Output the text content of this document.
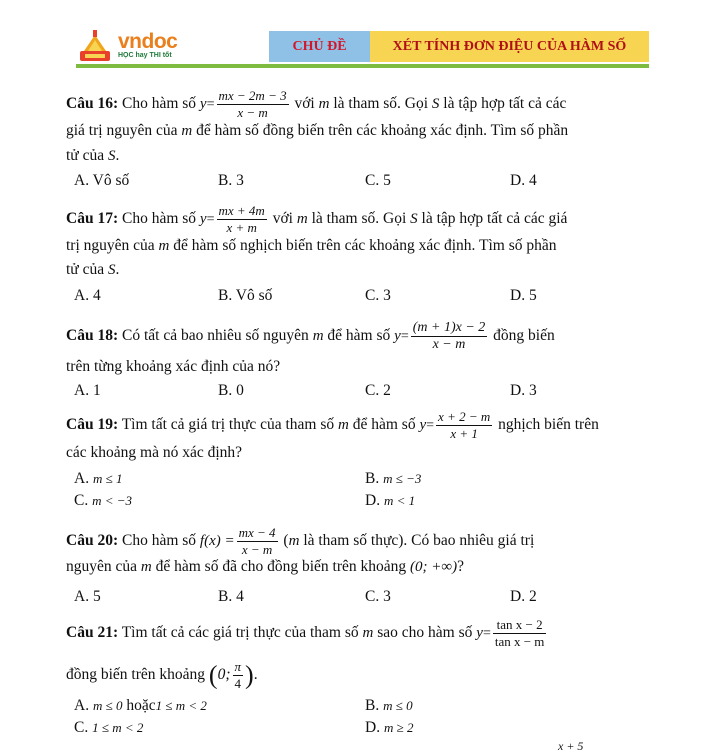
vndoc
HỌC hay THI tốt
CHỦ ĐỀ	XÉT TÍNH ĐƠN ĐIỆU CỦA HÀM SỐ
Câu 16: Cho hàm số $y= \frac{mx - 2m - 3}{x - m}$ với m là tham số. Gọi S là tập hợp tất cả các
giá trị nguyên của m để hàm số đồng biến trên các khoảng xác định. Tìm số phần
tử của S.
A. Vô số	B. 3	C. 5	D. 4
Câu 17: Cho hàm số $y= \frac{mx + 4m}{x + m}$ với m là tham số. Gọi S là tập hợp tất cả các giá
trị nguyên của m để hàm số nghịch biến trên các khoảng xác định. Tìm số phần
tử của S.
A. 4	B. Vô số	C. 3	D. 5
Câu 18: Có tất cả bao nhiêu số nguyên m để hàm số $y= \frac{(m + 1)x - 2}{x - m}$ đồng biến
trên từng khoảng xác định của nó?
A. 1	B. 0	C. 2	D. 3
Câu 19: Tìm tất cả giá trị thực của tham số m để hàm số $y= \frac{x + 2 - m}{x + 1}$ nghịch biến trên
các khoảng mà nó xác định?
A. m ≤ 1	B. m ≤ −3
C. m < −3	D. m < 1
Câu 20: Cho hàm số $f(x) = \frac{mx - 4}{x - m} (m$ là tham số thực). Có bao nhiêu giá trị
nguyên của m để hàm số đã cho đồng biến trên khoảng (0; +∞)?
A. 5	B. 4	C. 3	D. 2
Câu 21: Tìm tất cả các giá trị thực của tham số m sao cho hàm số $y= \frac{\text{tan x − 2}}{\text{tan x − m}}$
đồng biến trên khoảng (0; $\frac{\pi}{4}$ ).
A. m ≤ 0 hoặc1 ≤ m < 2	B. m ≤ 0
C. 1 ≤ m < 2	D. m ≥ 2
x + 5
